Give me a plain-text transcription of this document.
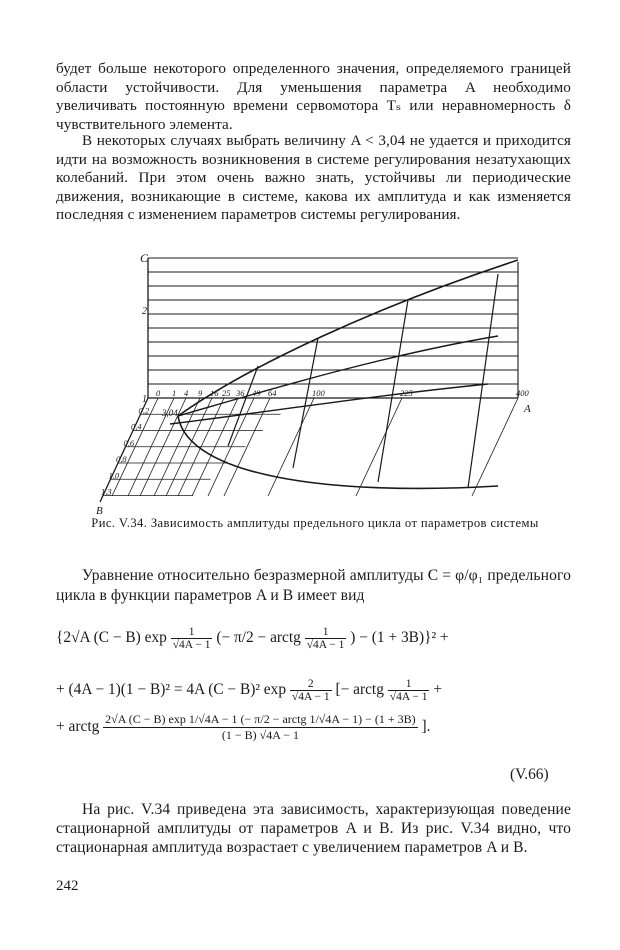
будет больше некоторого определенного значения, определяемого границей области устойчивости. Для уменьшения параметра A необходимо увеличивать постоянную времени сервомотора Tₛ или неравномерность δ чувствительного элемента.

В некоторых случаях выбрать величину A < 3,04 не удается и приходится идти на возможность возникновения в системе регулирования незатухающих колебаний. При этом очень важно знать, устойчивы ли периодические движения, возникающие в системе, какова их амплитуда и как изменяется последняя с изменением параметров системы регулирования.

C
2
1
A
B
3,04
0 1 4 9 16 25 36 49 64	100	225	400
0,2
0,4
0,6
0,8
1,0
1,3
Рис. V.34. Зависимость амплитуды предельного цикла от параметров системы

Уравнение относительно безразмерной амплитуды C = φ/φ₁ предельного цикла в функции параметров A и B имеет вид

{2√A (C − B) $\exp \frac{1}{√4A - 1}$ (− π/2 − arctg $\frac{1}{√4A - 1}$ ) − (1 + 3B)}² +
+ (4A − 1)(1 − B)² = 4A (C − B)² $\exp \frac{2}{√4A - 1}$ [− arctg $\frac{1}{√4A - 1}$ +
+ arctg 2√A (C − B) exp 1/√4A − 1 (− π/2 − arctg 1/√4A − 1) − (1 + 3B)
(1 − B) √4A − 1	].
(V.66)

На рис. V.34 приведена эта зависимость, характеризующая поведение стационарной амплитуды от параметров A и B. Из рис. V.34 видно, что стационарная амплитуда возрастает с увеличением параметров A и B.

242
